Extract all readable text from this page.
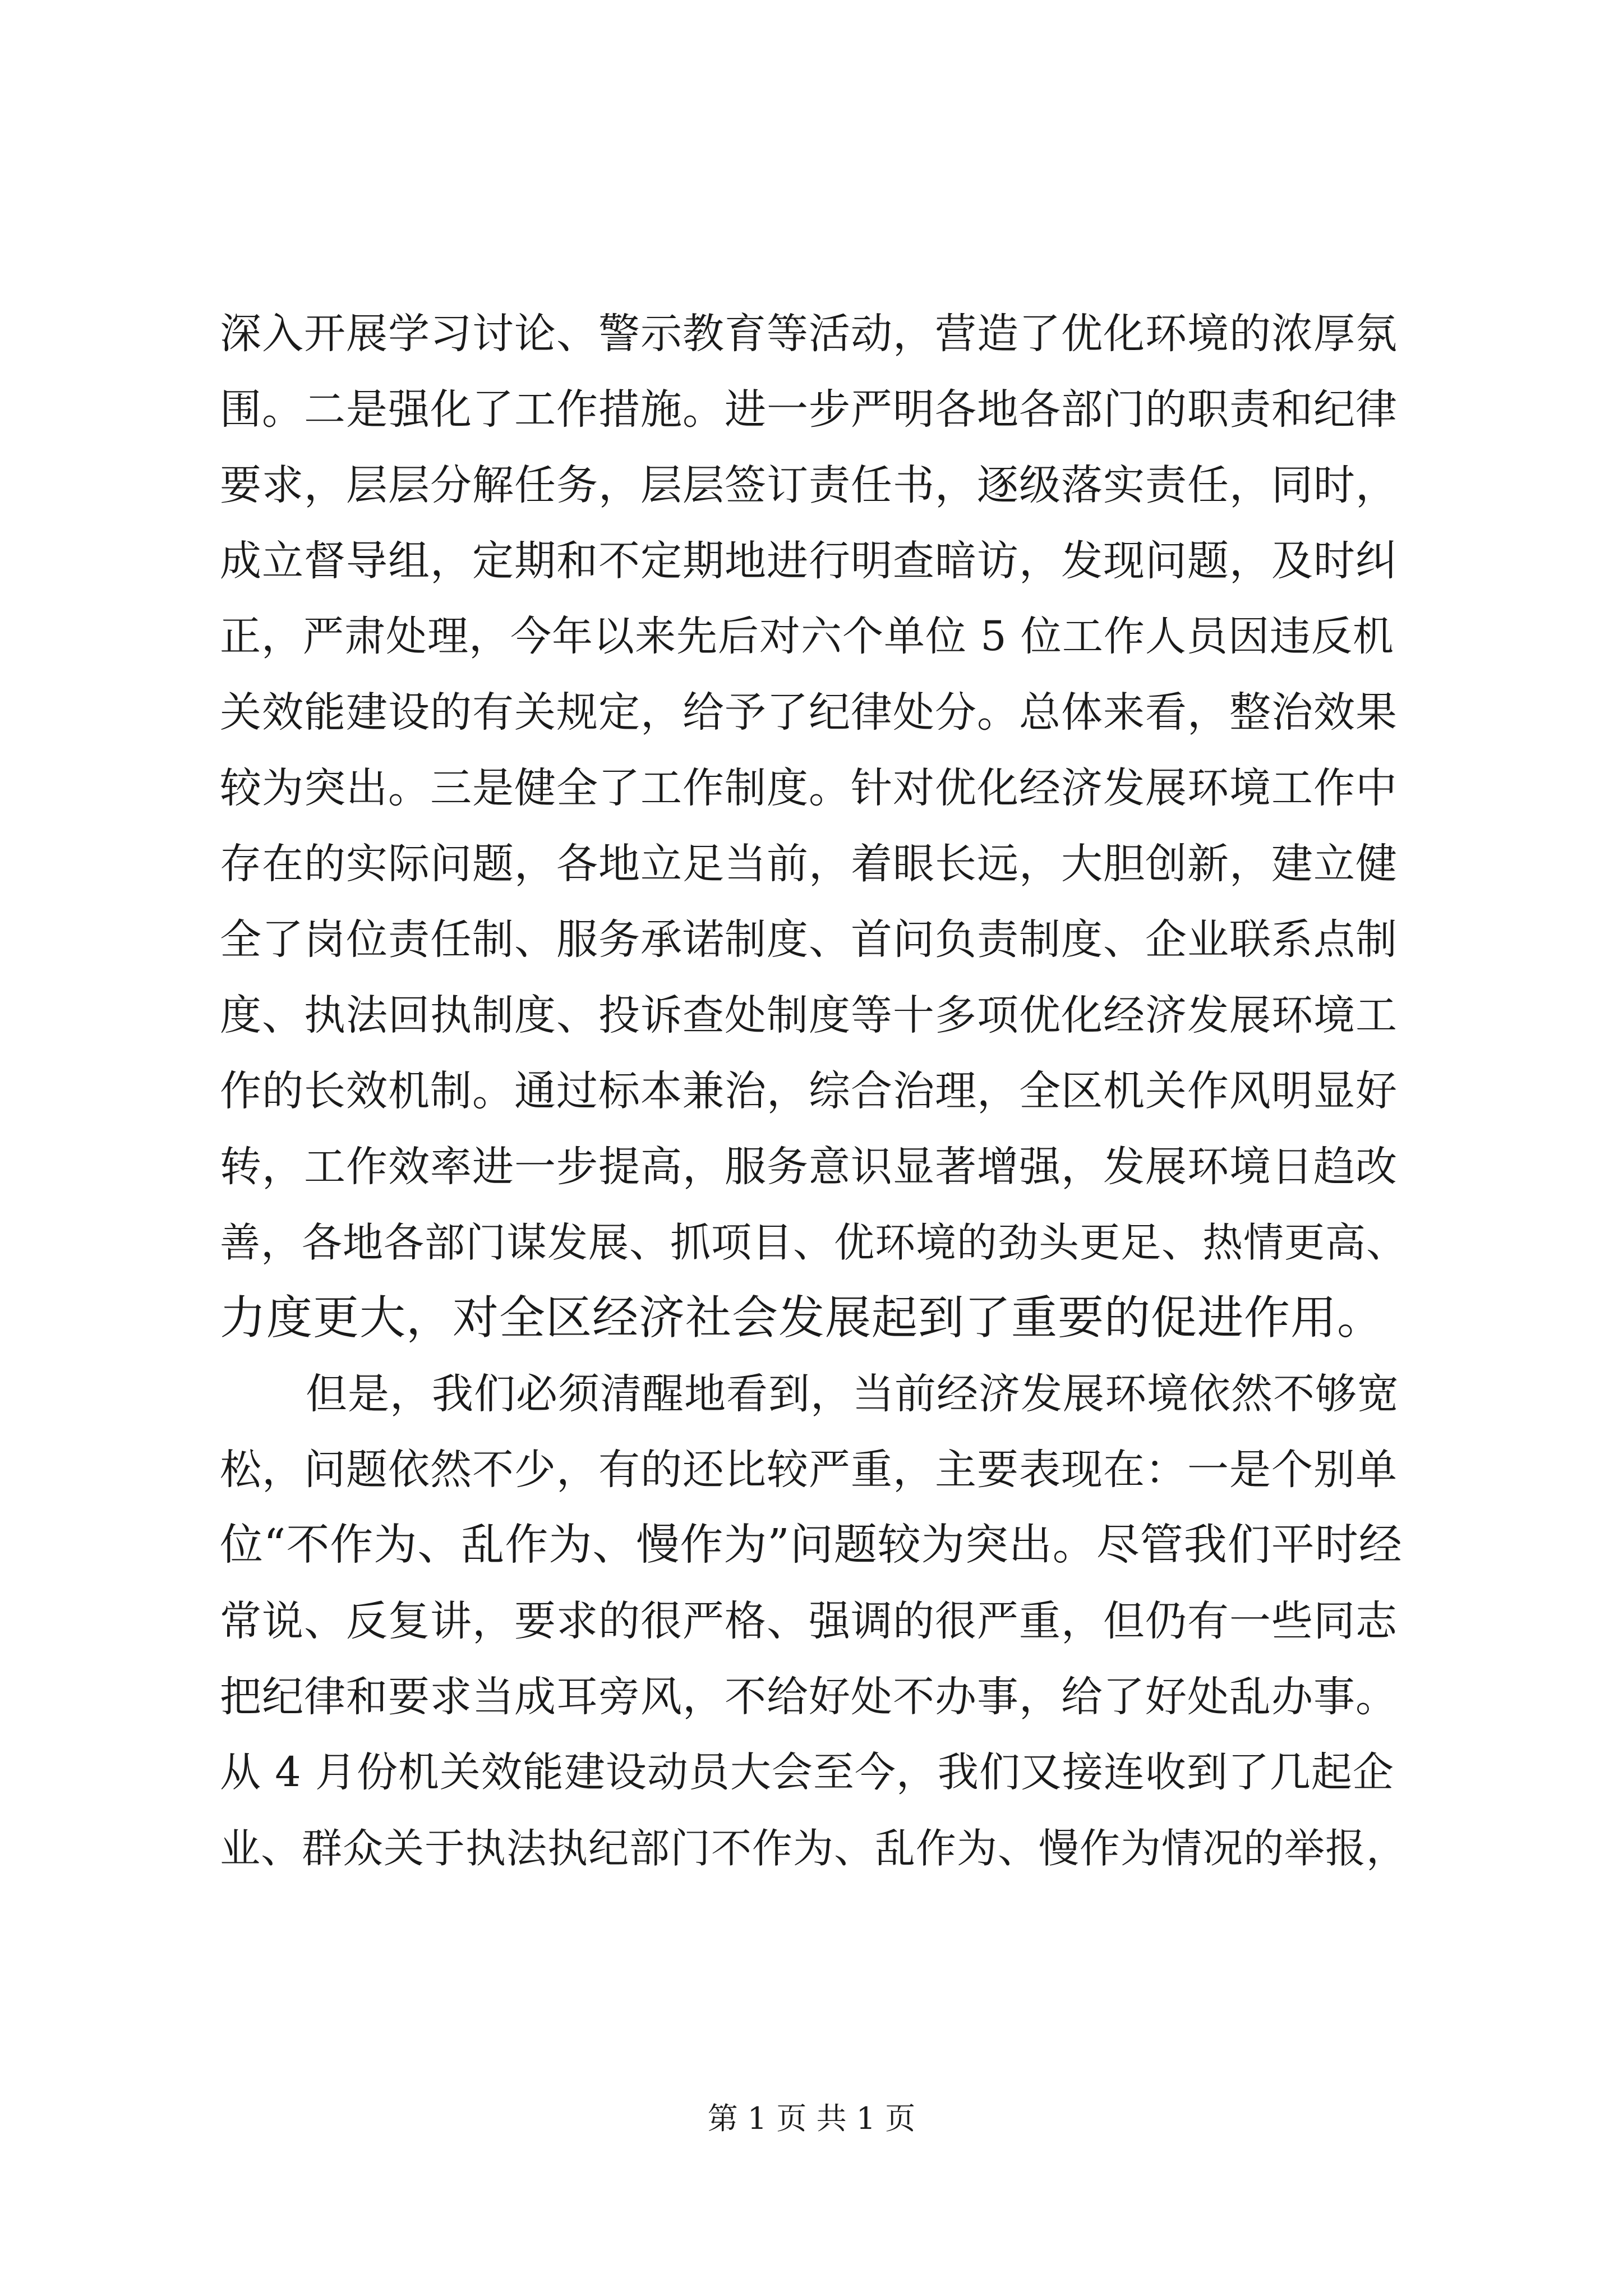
深入开展学习讨论、警示教育等活动，营造了优化环境的浓厚氛
围。二是强化了工作措施。进一步严明各地各部门的职责和纪律
要求，层层分解任务，层层签订责任书，逐级落实责任，同时，
成立督导组，定期和不定期地进行明查暗访，发现问题，及时纠
正，严肃处理，今年以来先后对六个单位 5 位工作人员因违反机
关效能建设的有关规定，给予了纪律处分。总体来看，整治效果
较为突出。三是健全了工作制度。针对优化经济发展环境工作中
存在的实际问题，各地立足当前，着眼长远，大胆创新，建立健
全了岗位责任制、服务承诺制度、首问负责制度、企业联系点制
度、执法回执制度、投诉查处制度等十多项优化经济发展环境工
作的长效机制。通过标本兼治，综合治理，全区机关作风明显好
转，工作效率进一步提高，服务意识显著增强，发展环境日趋改
善，各地各部门谋发展、抓项目、优环境的劲头更足、热情更高、
力度更大，对全区经济社会发展起到了重要的促进作用。
但是，我们必须清醒地看到，当前经济发展环境依然不够宽
松，问题依然不少，有的还比较严重，主要表现在：一是个别单
位“不作为、乱作为、慢作为”问题较为突出。尽管我们平时经
常说、反复讲，要求的很严格、强调的很严重，但仍有一些同志
把纪律和要求当成耳旁风，不给好处不办事，给了好处乱办事。
从 4 月份机关效能建设动员大会至今，我们又接连收到了几起企
业、群众关于执法执纪部门不作为、乱作为、慢作为情况的举报，
第 1 页 共 1 页
